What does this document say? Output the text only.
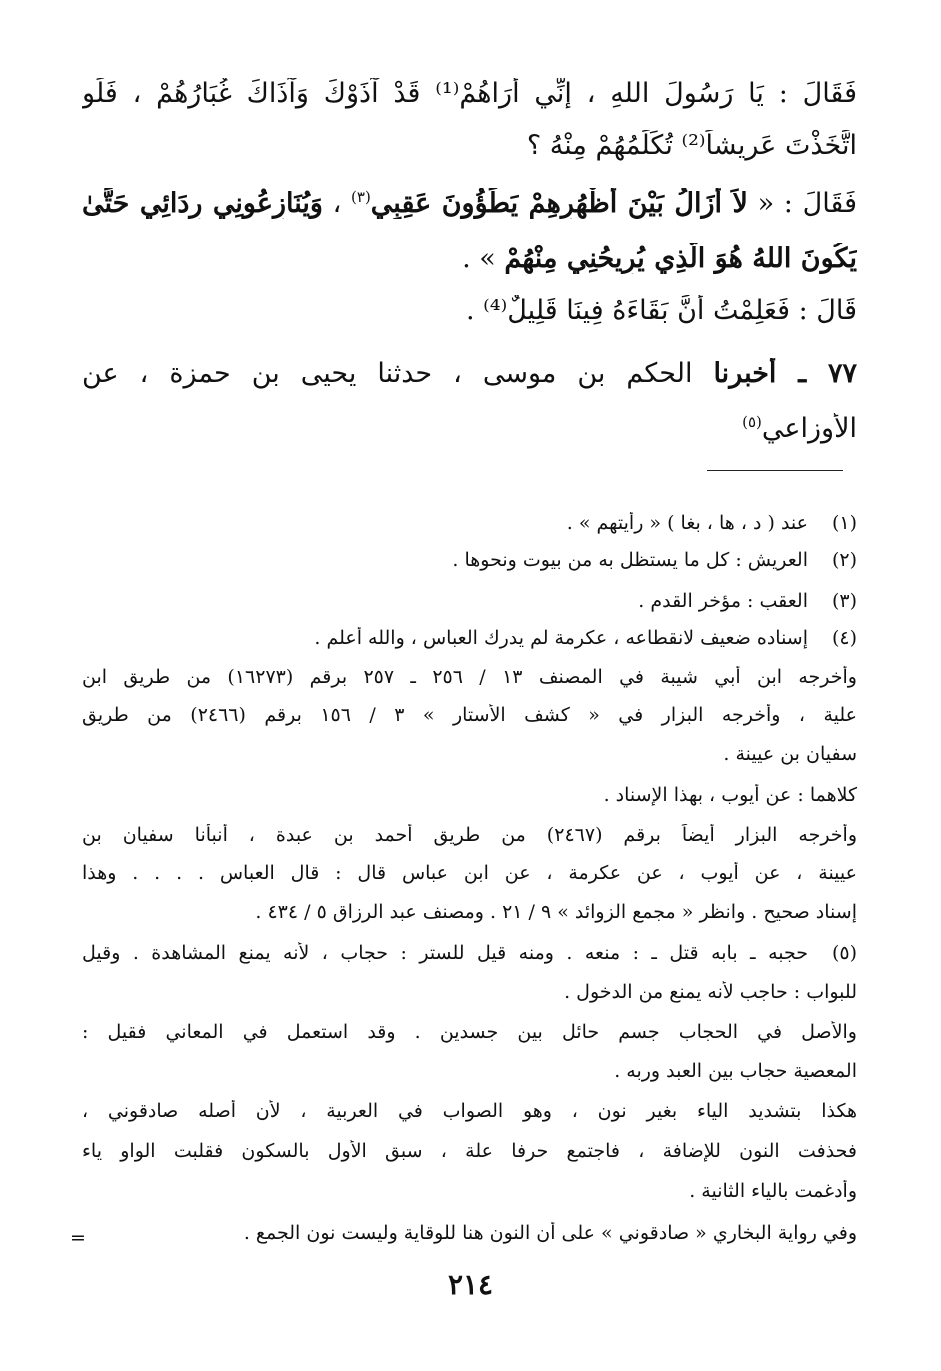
فَقَالَ : يَا رَسُولَ اللهِ ، إِنِّي أَرَاهُمْ⁽¹⁾ قَدْ آذَوْكَ وَآذَاكَ غُبَارُهُمْ ، فَلَوِ
اتَّخَذْتَ عَرِيشاً⁽²⁾ تُكَلِّمُهُمْ مِنْهُ ؟
فَقَالَ : « لاَ أَزَالُ بَيْنَ أَظْهُرِهِمْ يَطَؤُونَ عَقِبِي$^{(٣)}$ ، وَيُنَازِعُونِي رِدَائِي حَتَّىٰ
يَكُونَ اللهُ هُوَ الَّذِي يُرِيحُنِي مِنْهُمْ » .
قَالَ : فَعَلِمْتُ أَنَّ بَقَاءَهُ فِينَا قَلِيلٌ⁽⁴⁾ .
٧٧ ـ أخبرنا الحكم بن موسى ، حدثنا يحيى بن حمزة ، عن
الأوزاعي$^{(٥)}$
(١)
عند ( د ، ها ، بغا ) « رأيتهم » .
(٢)
العريش : كل ما يستظل به من بيوت ونحوها .
(٣)
العقب : مؤخر القدم .
(٤)
إسناده ضعيف لانقطاعه ، عكرمة لم يدرك العباس ، والله أعلم .
وأخرجه ابن أبي شيبة في المصنف ١٣ / ٢٥٦ ـ ٢٥٧ برقم (١٦٢٧٣) من طريق ابن
علية ، وأخرجه البزار في « كشف الأستار » ٣ / ١٥٦ برقم (٢٤٦٦) من طريق
سفيان بن عيينة .
كلاهما : عن أيوب ، بهذا الإسناد .
وأخرجه البزار أيضاً برقم (٢٤٦٧) من طريق أحمد بن عبدة ، أنبأنا سفيان بن
عيينة ، عن أيوب ، عن عكرمة ، عن ابن عباس قال : قال العباس . . . . وهذا
إسناد صحيح . وانظر « مجمع الزوائد » ٩ / ٢١ . ومصنف عبد الرزاق ٥ / ٤٣٤ .
(٥)
حجبه ـ بابه قتل ـ : منعه . ومنه قيل للستر : حجاب ، لأنه يمنع المشاهدة . وقيل
للبواب : حاجب لأنه يمنع من الدخول .
والأصل في الحجاب جسم حائل بين جسدين . وقد استعمل في المعاني فقيل :
المعصية حجاب بين العبد وربه .
هكذا بتشديد الياء بغير نون ، وهو الصواب في العربية ، لأن أصله صادقوني ،
فحذفت النون للإضافة ، فاجتمع حرفا علة ، سبق الأول بالسكون فقلبت الواو ياء
وأدغمت بالياء الثانية .
وفي رواية البخاري « صادقوني » على أن النون هنا للوقاية وليست نون الجمع .
=
٢١٤
